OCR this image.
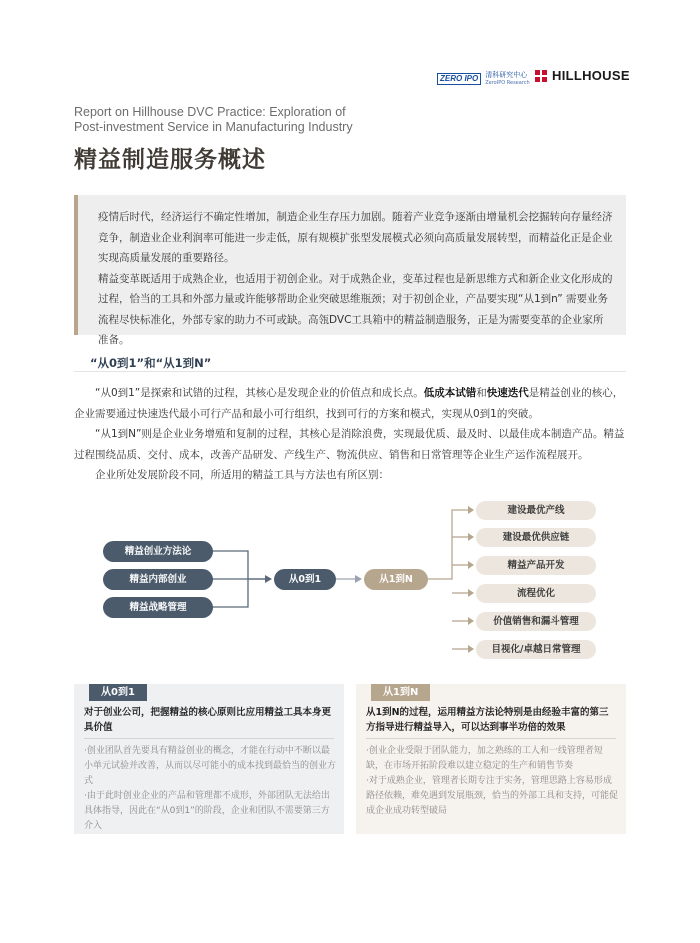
ZERO IPO	清科研究中心
ZeroIPO Research HILLHOUSE
Report on Hillhouse DVC Practice: Exploration of Post-investment Service in Manufacturing Industry
精益制造服务概述

疫情后时代，经济运行不确定性增加，制造企业生存压力加剧。随着产业竞争逐渐由增量机会挖掘转向存量经济竞争，制造业企业利润率可能进一步走低，原有规模扩张型发展模式必须向高质量发展转型，而精益化正是企业实现高质量发展的重要路径。

精益变革既适用于成熟企业，也适用于初创企业。对于成熟企业，变革过程也是新思维方式和新企业文化形成的过程，恰当的工具和外部力量或许能够帮助企业突破思维瓶颈；对于初创企业，产品要实现“从1到n” 需要业务流程尽快标准化，外部专家的助力不可或缺。高瓴DVC工具箱中的精益制造服务，正是为需要变革的企业家所准备。

“从0到1”和“从1到N”

“从0到1”是探索和试错的过程，其核心是发现企业的价值点和成长点。低成本试错和快速迭代是精益创业的核心，企业需要通过快速迭代最小可行产品和最小可行组织，找到可行的方案和模式，实现从0到1的突破。

“从1到N”则是企业业务增殖和复制的过程，其核心是消除浪费，实现最优质、最及时、以最佳成本制造产品。精益过程围绕品质、交付、成本，改善产品研发、产线生产、物流供应、销售和日常管理等企业生产运作流程展开。

企业所处发展阶段不同，所适用的精益工具与方法也有所区别：

精益创业方法论
精益内部创业
精益战略管理
从0到1	从1到N
建设最优产线
建设最优供应链
精益产品开发
流程优化
价值销售和漏斗管理
目视化/卓越日常管理
从0到1
对于创业公司，把握精益的核心原则比应用精益工具本身更具价值

·创业团队首先要具有精益创业的概念，才能在行动中不断以最小单元试验并改善，从而以尽可能小的成本找到最恰当的创业方式

·由于此时创业企业的产品和管理都不成形，外部团队无法给出具体指导，因此在“从0到1”的阶段，企业和团队不需要第三方介入

从1到N
从1到N的过程，运用精益方法论特别是由经验丰富的第三方指导进行精益导入，可以达到事半功倍的效果

·创业企业受限于团队能力，加之熟练的工人和一线管理者短缺，在市场开拓阶段难以建立稳定的生产和销售节奏

·对于成熟企业，管理者长期专注于实务，管理思路上容易形成路径依赖，难免遇到发展瓶颈，恰当的外部工具和支持，可能促成企业成功转型破局
